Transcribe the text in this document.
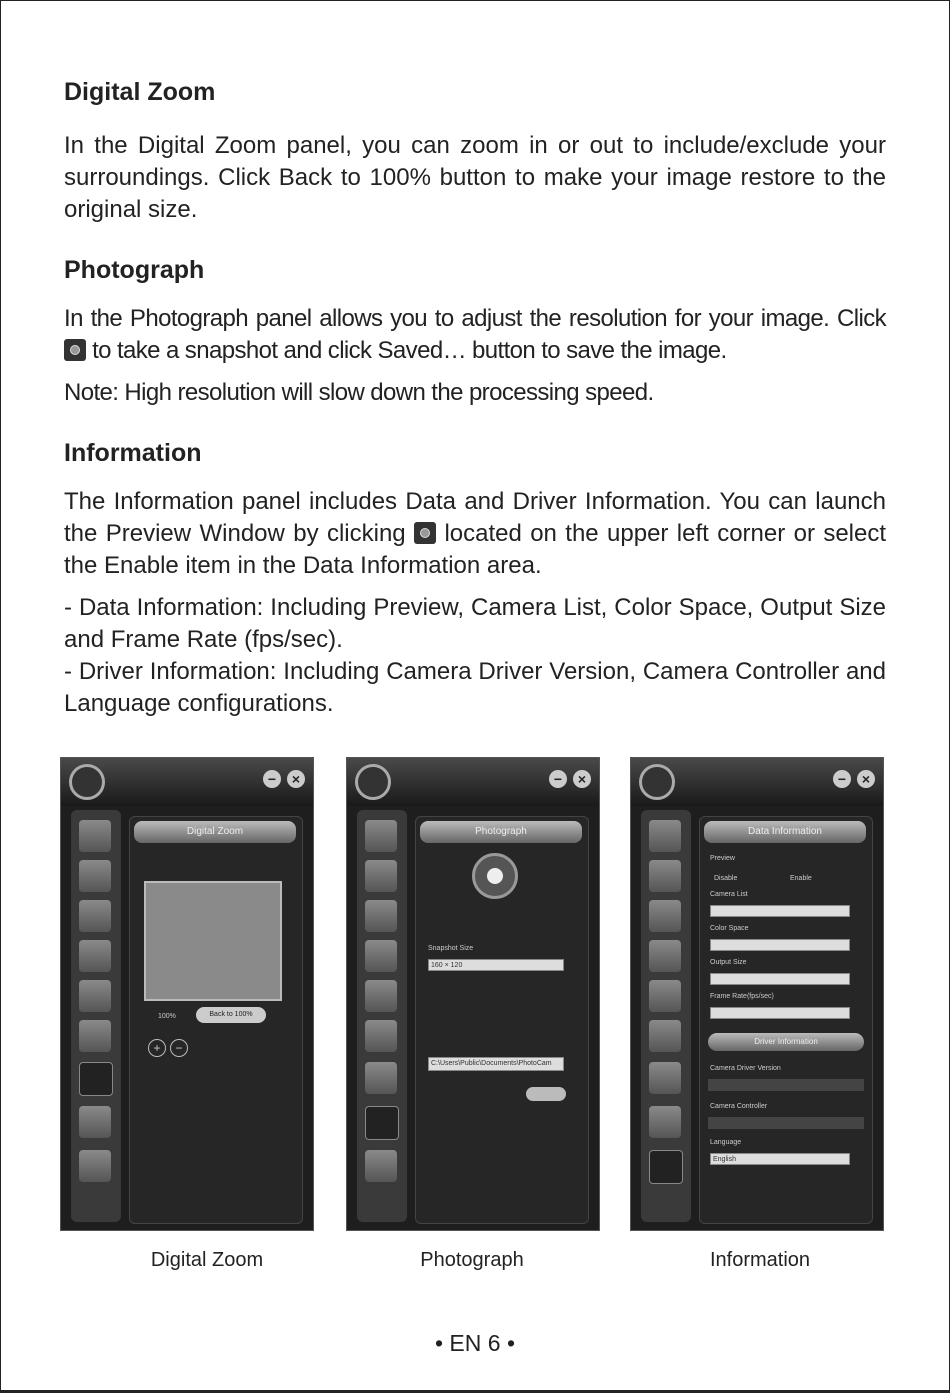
Digital Zoom

In the Digital Zoom panel, you can zoom in or out to include/exclude your surroundings. Click Back to 100% button to make your image restore to the original size.

Photograph

In the Photograph panel allows you to adjust the resolution for your image. Click  to take a snapshot and click Saved… button to save the image.

Note: High resolution will slow down the processing speed.

Information

The Information panel includes Data and Driver Information. You can launch the Preview Window by clicking located on the upper left corner or select the Enable item in the Data Information area.

- Data Information: Including Preview, Camera List, Color Space, Output Size and Frame Rate (fps/sec).

- Driver Information: Including Camera Driver Version, Camera Controller and Language configurations.

−	×
Digital Zoom
100%	Back to 100%
+	−
−	×
Photograph
Snapshot Size
160 × 120
C:\Users\Public\Documents\PhotoCam
−	×
Data Information
Preview
Disable	Enable
Camera List
Color Space
Output Size
Frame Rate(fps/sec)
Driver Information
Camera Driver Version
Camera Controller
Language
English
Digital Zoom	Photograph	Information
• EN 6 •
